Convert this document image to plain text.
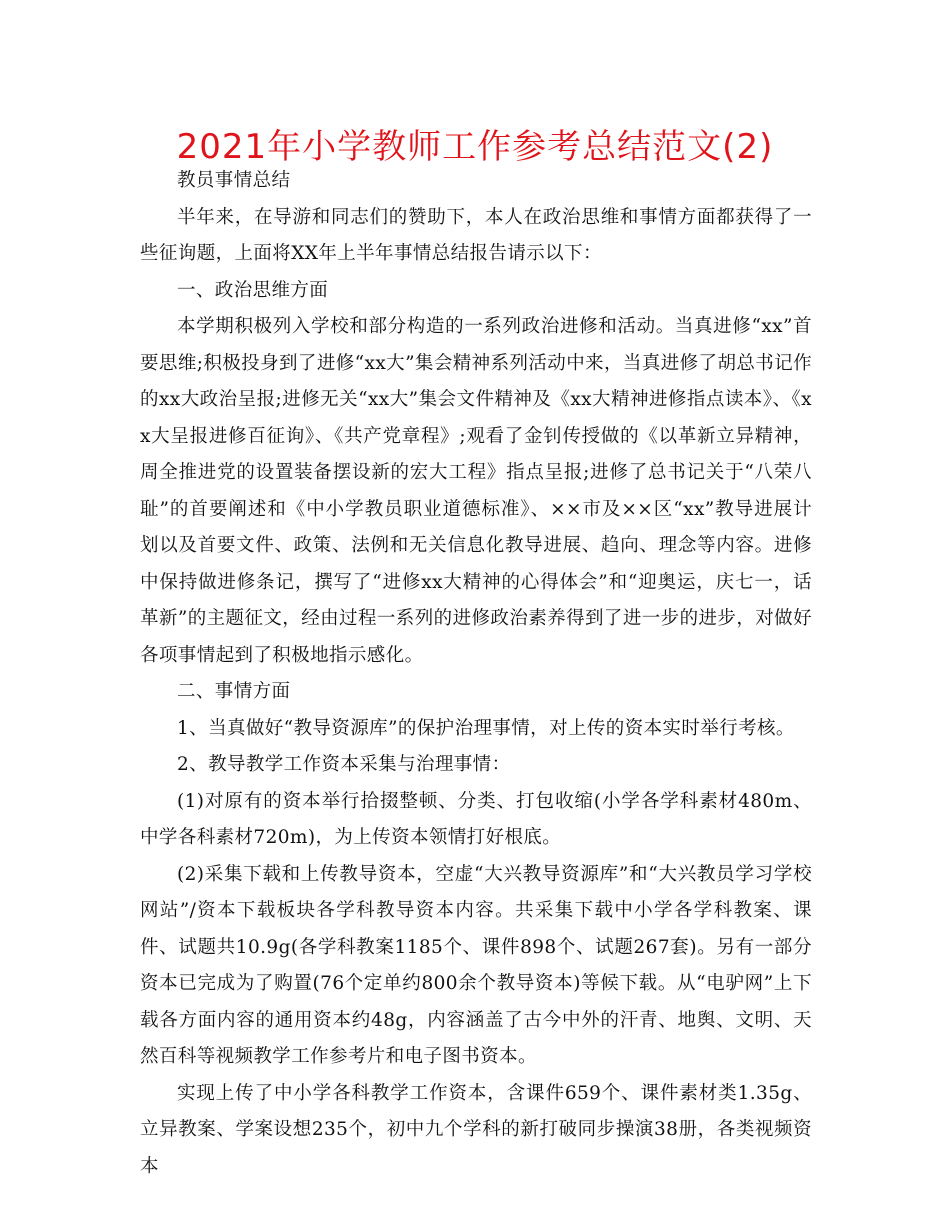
2021年小学教师工作参考总结范文(2)

教员事情总结

半年来，在导游和同志们的赞助下，本人在政治思维和事情方面都获得了一些征询题，上面将XX年上半年事情总结报告请示以下：

一、政治思维方面

本学期积极列入学校和部分构造的一系列政治进修和活动。当真进修“xx”首要思维;积极投身到了进修“xx大”集会精神系列活动中来，当真进修了胡总书记作的xx大政治呈报;进修无关“xx大”集会文件精神及《xx大精神进修指点读本》、《xx大呈报进修百征询》、《共产党章程》;观看了金钊传授做的《以革新立异精神，周全推进党的设置装备摆设新的宏大工程》指点呈报;进修了总书记关于“八荣八耻”的首要阐述和《中小学教员职业道德标准》、××市及××区“xx”教导进展计划以及首要文件、政策、法例和无关信息化教导进展、趋向、理念等内容。进修中保持做进修条记，撰写了“进修xx大精神的心得体会”和“迎奥运，庆七一，话革新”的主题征文，经由过程一系列的进修政治素养得到了进一步的进步，对做好各项事情起到了积极地指示感化。

二、事情方面

1、当真做好“教导资源库”的保护治理事情，对上传的资本实时举行考核。

2、教导教学工作资本采集与治理事情：

(1)对原有的资本举行拾掇整顿、分类、打包收缩(小学各学科素材480m、中学各科素材720m)，为上传资本领情打好根底。

(2)采集下载和上传教导资本，空虚“大兴教导资源库”和“大兴教员学习学校网站”/资本下载板块各学科教导资本内容。共采集下载中小学各学科教案、课件、试题共10.9g(各学科教案1185个、课件898个、试题267套)。另有一部分资本已完成为了购置(76个定单约800余个教导资本)等候下载。从“电驴网”上下载各方面内容的通用资本约48g，内容涵盖了古今中外的汗青、地舆、文明、天然百科等视频教学工作参考片和电子图书资本。

实现上传了中小学各科教学工作资本，含课件659个、课件素材类1.35g、立异教案、学案设想235个，初中九个学科的新打破同步操演38册，各类视频资本
